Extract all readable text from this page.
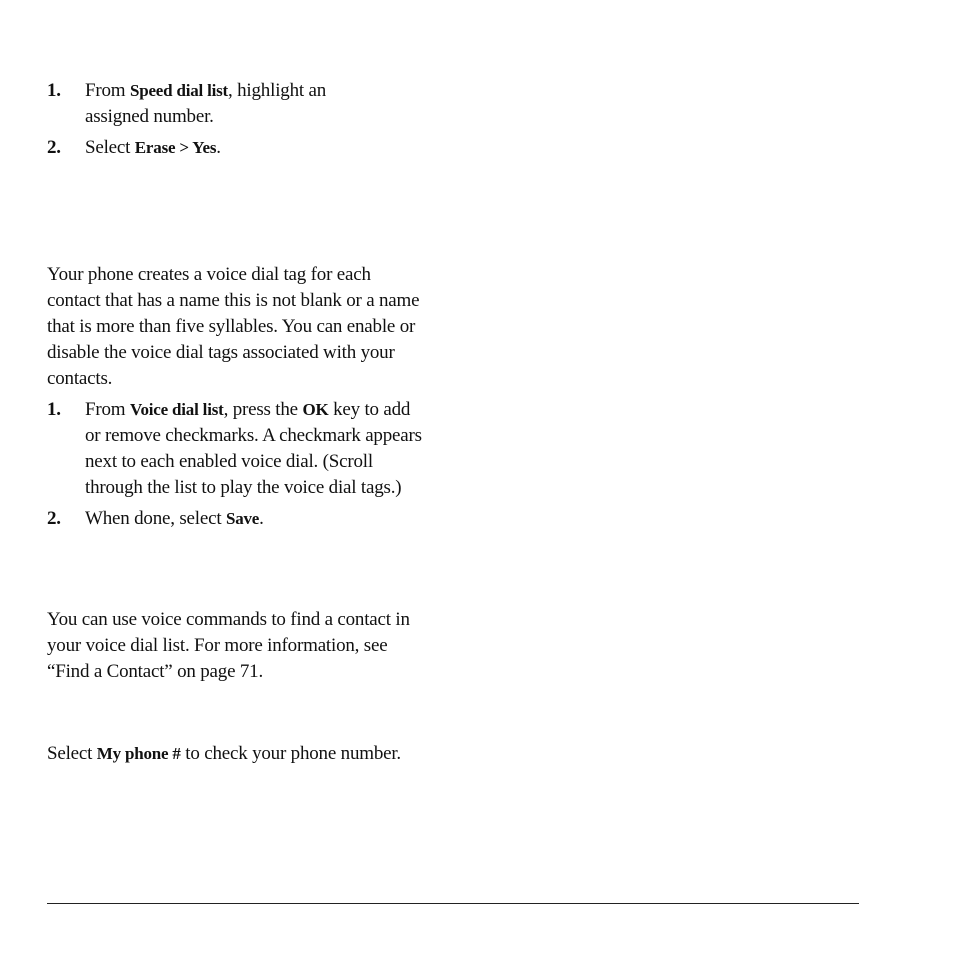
1. From Speed dial list, highlight an assigned number.
2. Select Erase > Yes.

Your phone creates a voice dial tag for each contact that has a name this is not blank or a name that is more than five syllables. You can enable or disable the voice dial tags associated with your contacts.

1. From Voice dial list, press the OK key to add or remove checkmarks. A checkmark appears next to each enabled voice dial. (Scroll through the list to play the voice dial tags.)
2. When done, select Save.

You can use voice commands to find a contact in your voice dial list. For more information, see “Find a Contact” on page 71.

Select My phone # to check your phone number.
